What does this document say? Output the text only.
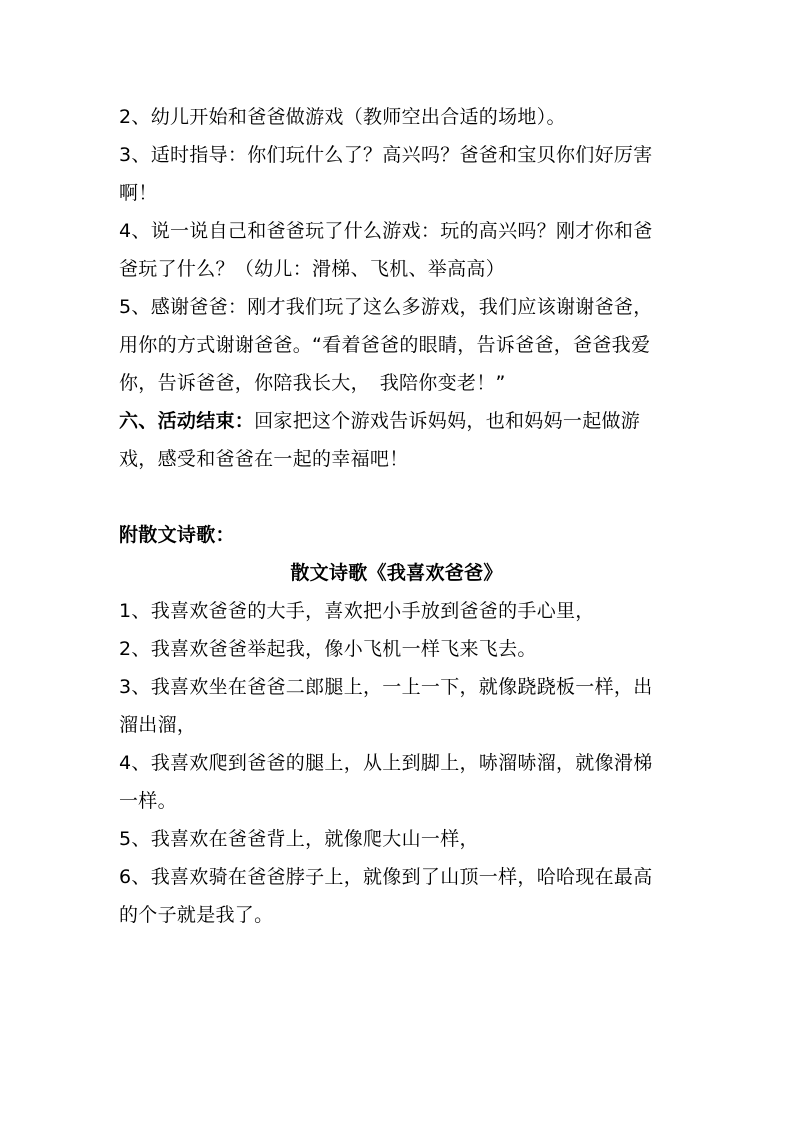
2、幼儿开始和爸爸做游戏（教师空出合适的场地）。
3、适时指导：你们玩什么了？高兴吗？爸爸和宝贝你们好厉害
啊！
4、说一说自己和爸爸玩了什么游戏：玩的高兴吗？刚才你和爸
爸玩了什么？（幼儿：滑梯、飞机、举高高）
5、感谢爸爸：刚才我们玩了这么多游戏，我们应该谢谢爸爸，
用你的方式谢谢爸爸。“看着爸爸的眼睛，告诉爸爸，爸爸我爱
你，告诉爸爸，你陪我长大，　我陪你变老！”
六、活动结束：回家把这个游戏告诉妈妈，也和妈妈一起做游
戏，感受和爸爸在一起的幸福吧！
附散文诗歌：
散文诗歌《我喜欢爸爸》
1、我喜欢爸爸的大手，喜欢把小手放到爸爸的手心里，
2、我喜欢爸爸举起我，像小飞机一样飞来飞去。
3、我喜欢坐在爸爸二郎腿上，一上一下，就像跷跷板一样，出
溜出溜，
4、我喜欢爬到爸爸的腿上，从上到脚上，哧溜哧溜，就像滑梯
一样。
5、我喜欢在爸爸背上，就像爬大山一样，
6、我喜欢骑在爸爸脖子上，就像到了山顶一样，哈哈现在最高
的个子就是我了。
